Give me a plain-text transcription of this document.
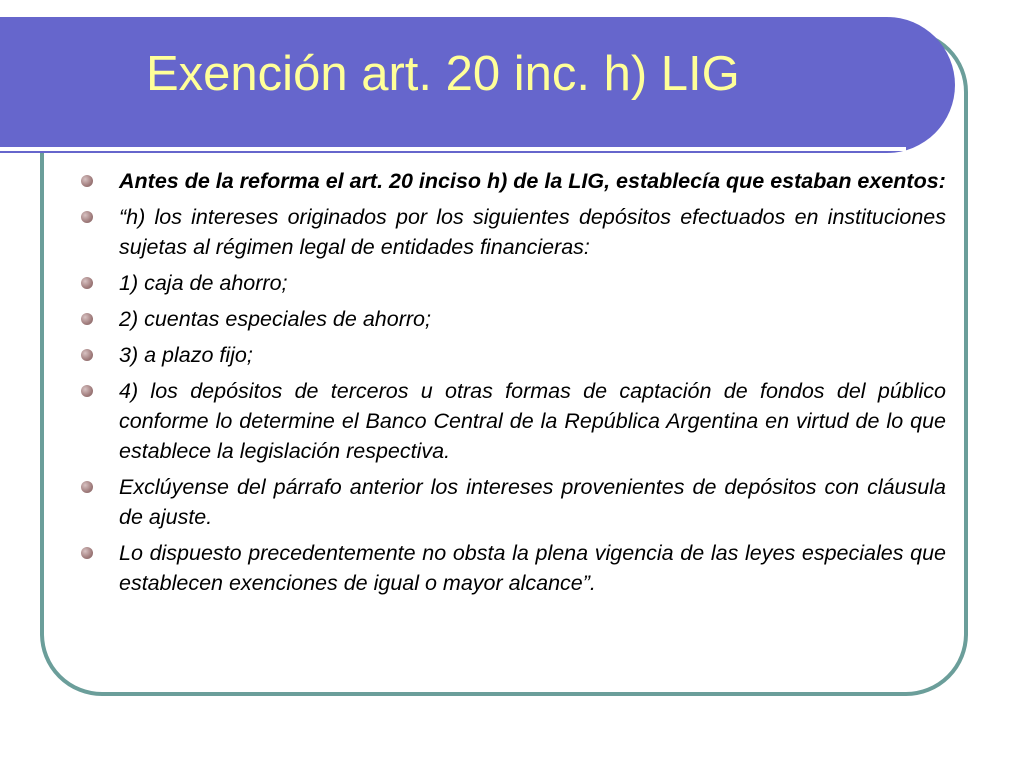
Exención art. 20 inc. h) LIG
Antes de la reforma el art. 20 inciso h) de la LIG, establecía que estaban exentos:
“h) los intereses originados por los siguientes depósitos efectuados en instituciones sujetas al régimen legal de entidades financieras:
1) caja de ahorro;
2) cuentas especiales de ahorro;
3) a plazo fijo;
4) los depósitos de terceros u otras formas de captación de fondos del público conforme lo determine el Banco Central de la República Argentina en virtud de lo que establece la legislación respectiva.
Exclúyense del párrafo anterior los intereses provenientes de depósitos con cláusula de ajuste.
Lo dispuesto precedentemente no obsta la plena vigencia de las leyes especiales que establecen exenciones de igual o mayor alcance”.
